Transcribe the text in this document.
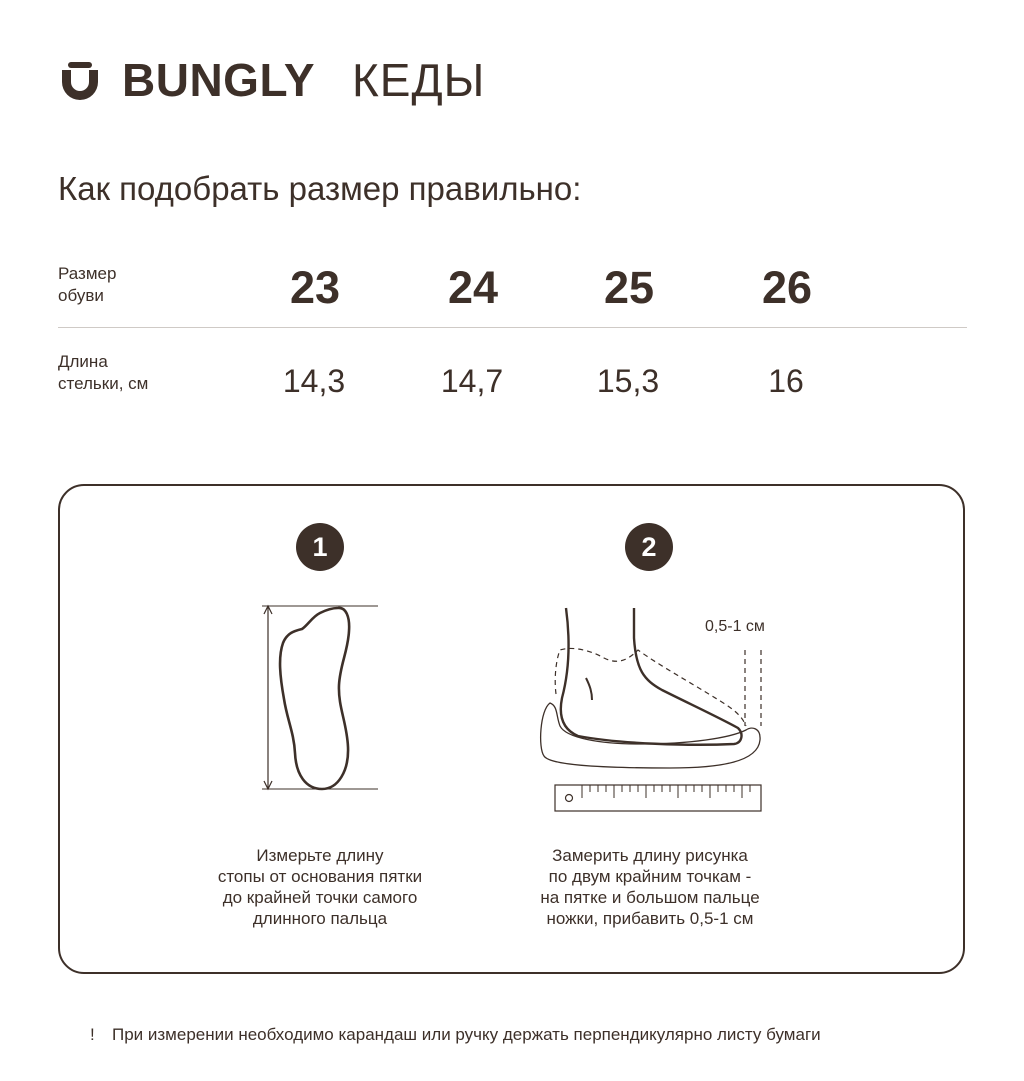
BUNGLY КЕДЫ
Как подобрать размер правильно:
Размер
обуви	23	24	25	26
Длина
стельки, см	14,3	14,7	15,3	16
1	2
0,5-1 см
Измерьте длину
стопы от основания пятки
до крайней точки самого
длинного пальца
Замерить длину рисунка
по двум крайним точкам -
на пятке и большом пальце
ножки, прибавить 0,5-1 см
! При измерении необходимо карандаш или ручку держать перпендикулярно листу бумаги
